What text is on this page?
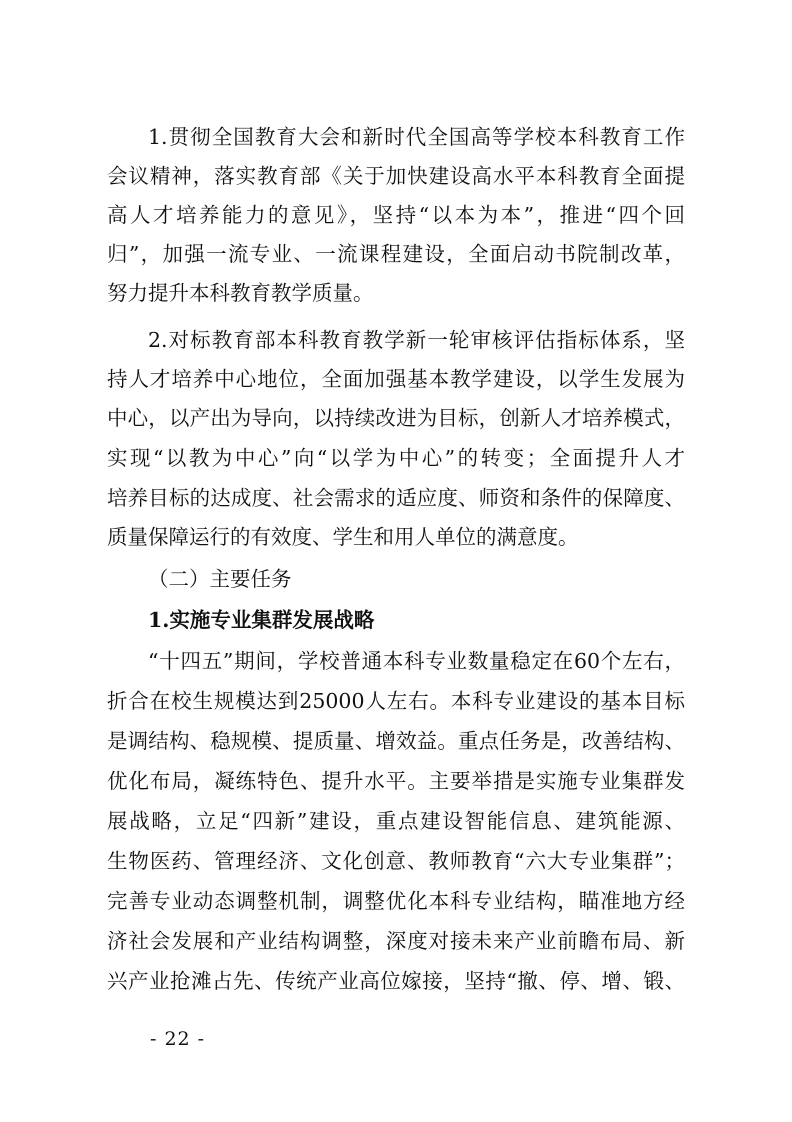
1.贯彻全国教育大会和新时代全国高等学校本科教育工作
会议精神，落实教育部《关于加快建设高水平本科教育全面提
高人才培养能力的意见》，坚持“以本为本”，推进“四个回
归”，加强一流专业、一流课程建设，全面启动书院制改革，
努力提升本科教育教学质量。
2.对标教育部本科教育教学新一轮审核评估指标体系，坚
持人才培养中心地位，全面加强基本教学建设，以学生发展为
中心，以产出为导向，以持续改进为目标，创新人才培养模式，
实现“以教为中心”向“以学为中心”的转变；全面提升人才
培养目标的达成度、社会需求的适应度、师资和条件的保障度、
质量保障运行的有效度、学生和用人单位的满意度。
（二）主要任务
1.实施专业集群发展战略
“十四五”期间，学校普通本科专业数量稳定在60个左右，
折合在校生规模达到25000人左右。本科专业建设的基本目标
是调结构、稳规模、提质量、增效益。重点任务是，改善结构、
优化布局，凝练特色、提升水平。主要举措是实施专业集群发
展战略，立足“四新”建设，重点建设智能信息、建筑能源、
生物医药、管理经济、文化创意、教师教育“六大专业集群”；
完善专业动态调整机制，调整优化本科专业结构，瞄准地方经
济社会发展和产业结构调整，深度对接未来产业前瞻布局、新
兴产业抢滩占先、传统产业高位嫁接，坚持“撤、停、增、锻、
- 22 -
